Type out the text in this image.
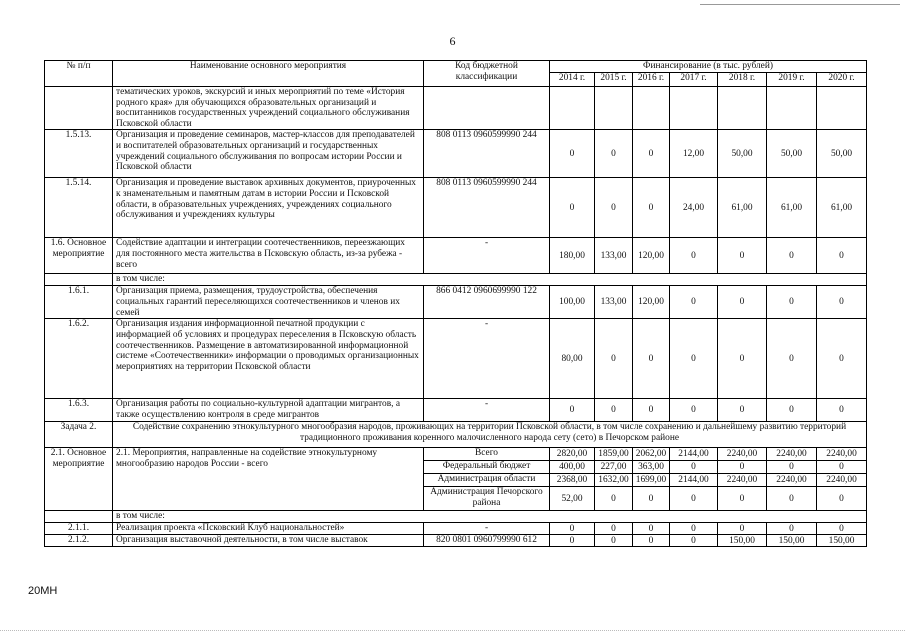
6
№ п/п	Наименование основного мероприятия	Код бюджетной классификации	Финансирование (в тыс. рублей)						
			2014 г.	2015 г.	2016 г.	2017 г.	2018 г.	2019 г.	2020 г.
	тематических уроков, экскурсий и иных мероприятий по теме «История родного края» для обучающихся образовательных организаций и воспитанников государственных учреждений социального обслуживания Псковской области								
1.5.13.	Организация и проведение семинаров, мастер-классов для преподавателей и воспитателей образовательных организаций и государственных учреждений социального обслуживания по вопросам истории России и Псковской области	808 0113 0960599990 244	0	0	0	12,00	50,00	50,00	50,00
1.5.14.	Организация и проведение выставок архивных документов, приуроченных к знаменательным и памятным датам в истории России и Псковской области, в образовательных учреждениях, учреждениях социального обслуживания и учреждениях культуры	808 0113 0960599990 244	0	0	0	24,00	61,00	61,00	61,00
1.6. Основное мероприятие	Содействие адаптации и интеграции соотечественников, переезжающих для постоянного места жительства в Псковскую область, из-за рубежа - всего	-	180,00	133,00	120,00	0	0	0	0
	в том числе:								
1.6.1.	Организация приема, размещения, трудоустройства, обеспечения социальных гарантий переселяющихся соотечественников и членов их семей	866 0412 0960699990 122	100,00	133,00	120,00	0	0	0	0
1.6.2.	Организация издания информационной печатной продукции с информацией об условиях и процедурах переселения в Псковскую область соотечественников. Размещение в автоматизированной информационной системе «Соотечественники» информации о проводимых организационных мероприятиях на территории Псковской области	-	80,00	0	0	0	0	0	0
1.6.3.	Организация работы по социально-культурной адаптации мигрантов, а также осуществлению контроля в среде мигрантов	-	0	0	0	0	0	0	0
Задача 2.	Содействие сохранению этнокультурного многообразия народов, проживающих на территории Псковской области, в том числе сохранению и дальнейшему развитию территорий традиционного проживания коренного малочисленного народа сету (сето) в Печорском районе								
2.1. Основное мероприятие	2.1. Мероприятия, направленные на содействие этнокультурному многообразию народов России - всего	Всего	2820,00	1859,00	2062,00	2144,00	2240,00	2240,00	2240,00
		Федеральный бюджет	400,00	227,00	363,00	0	0	0	0
		Администрация области	2368,00	1632,00	1699,00	2144,00	2240,00	2240,00	2240,00
		Администрация Печорского района	52,00	0	0	0	0	0	0
	в том числе:								
2.1.1.	Реализация проекта «Псковский Клуб национальностей»	-	0	0	0	0	0	0	0
2.1.2.	Организация выставочной деятельности, в том числе выставок	820 0801 0960799990 612	0	0	0	0	150,00	150,00	150,00
20МН
